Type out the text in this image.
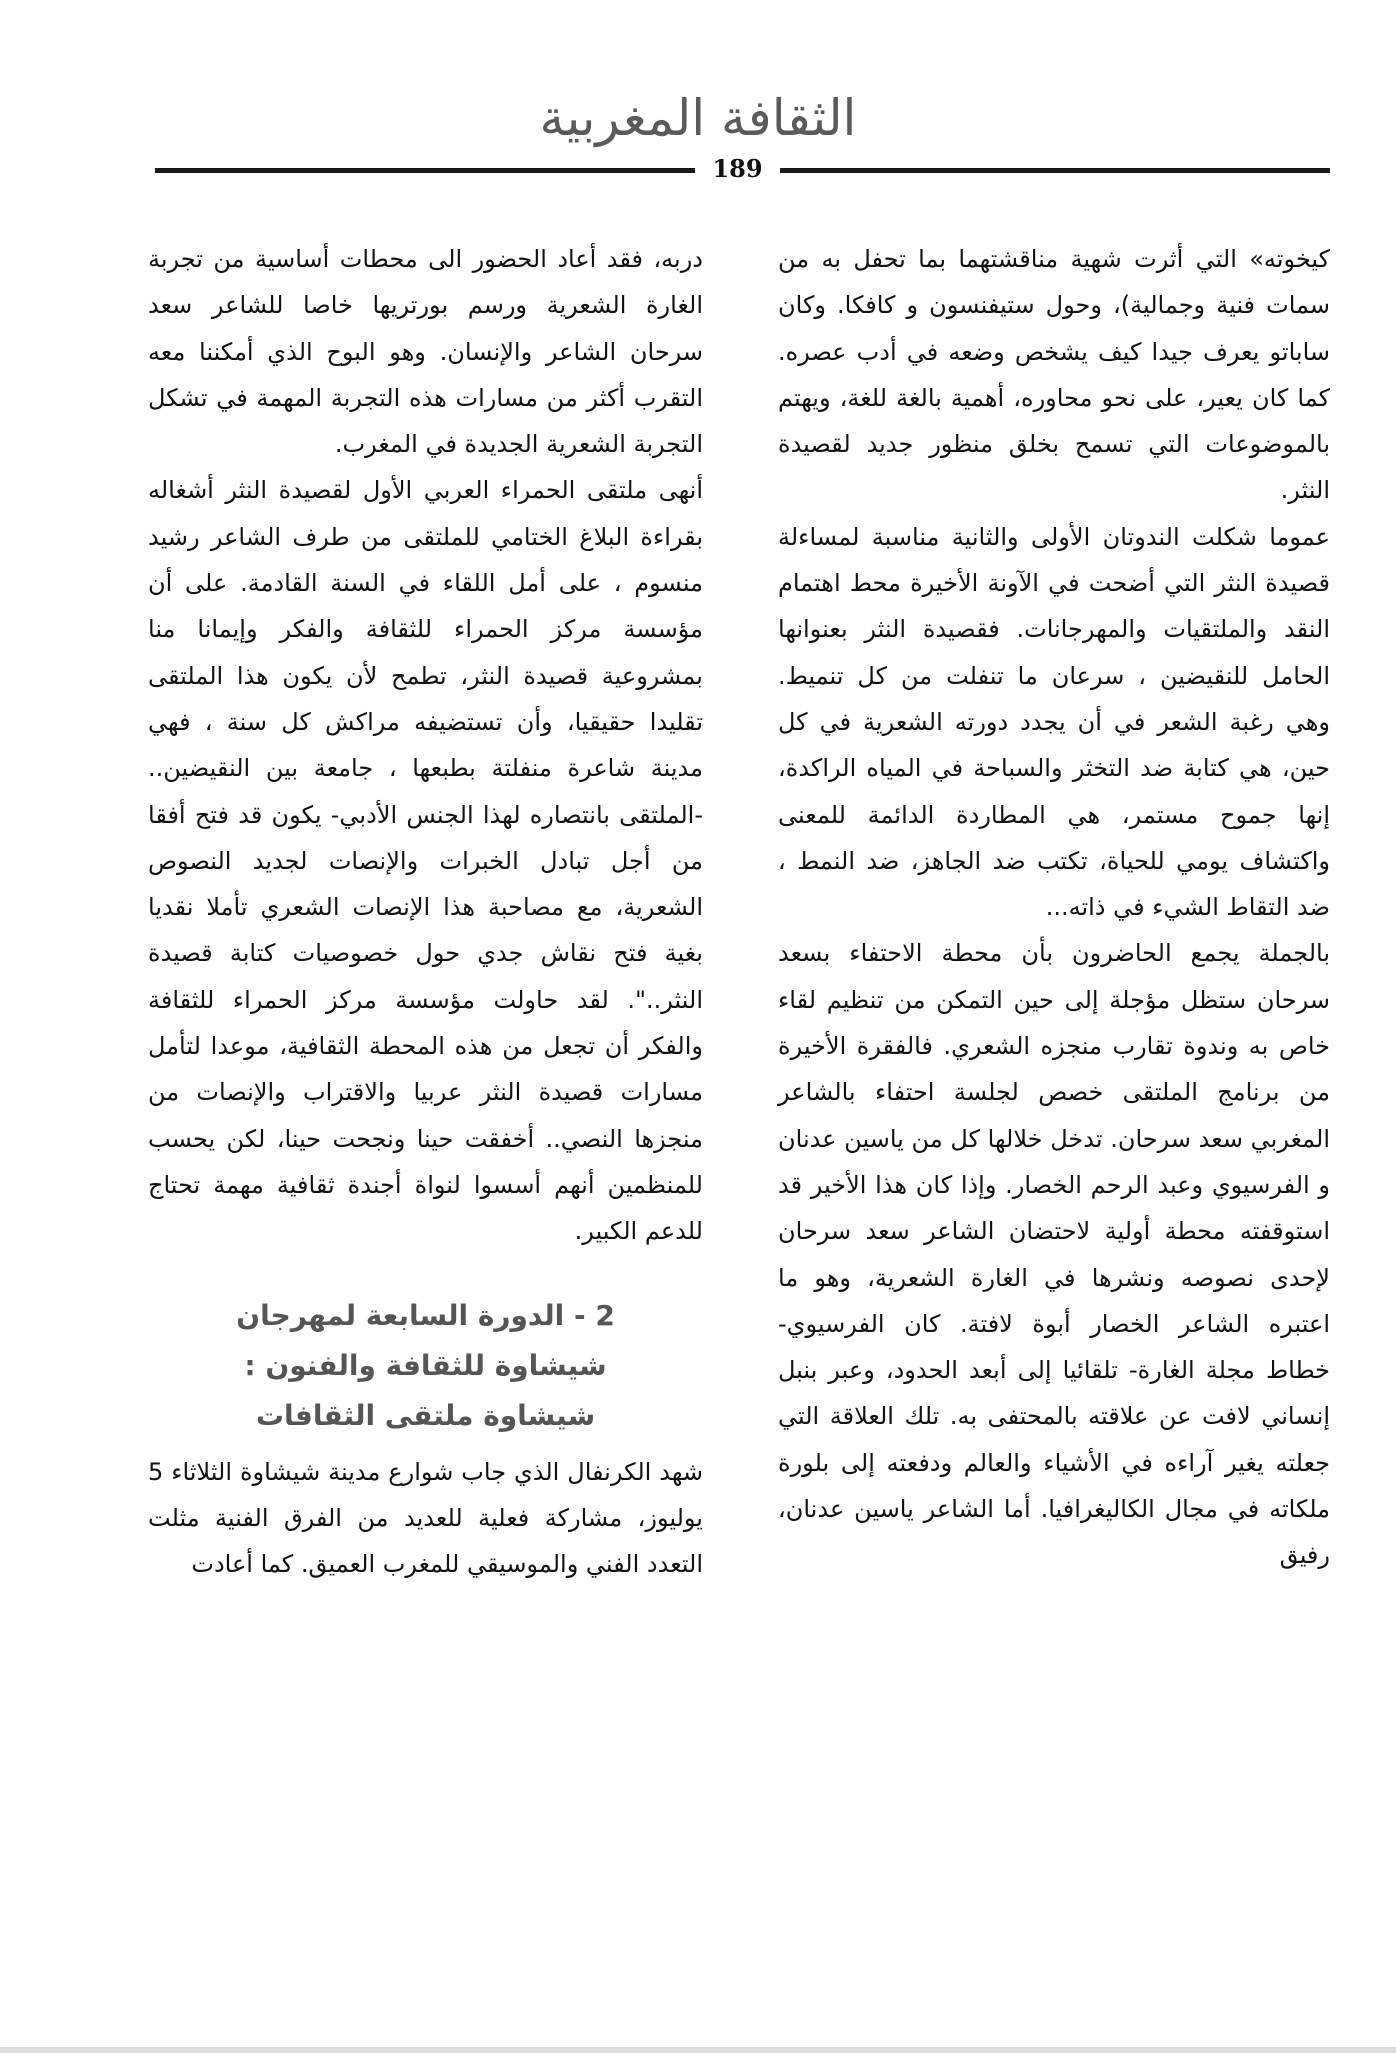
الثقافة المغربية
189

كيخوته» التي أثرت شهية مناقشتهما بما تحفل به من سمات فنية وجمالية)، وحول ستيفنسون و كافكا. وكان ساباتو يعرف جيدا كيف يشخص وضعه في أدب عصره. كما كان يعير، على نحو محاوره، أهمية بالغة للغة، ويهتم بالموضوعات التي تسمح بخلق منظور جديد لقصيدة النثر.

عموما شكلت الندوتان الأولى والثانية مناسبة لمساءلة قصيدة النثر التي أضحت في الآونة الأخيرة محط اهتمام النقد والملتقيات والمهرجانات. فقصيدة النثر بعنوانها الحامل للنقيضين ، سرعان ما تنفلت من كل تنميط. وهي رغبة الشعر في أن يجدد دورته الشعرية في كل حين، هي كتابة ضد التخثر والسباحة في المياه الراكدة، إنها جموح مستمر، هي المطاردة الدائمة للمعنى واكتشاف يومي للحياة، تكتب ضد الجاهز، ضد النمط ، ضد التقاط الشيء في ذاته...

بالجملة يجمع الحاضرون بأن محطة الاحتفاء بسعد سرحان ستظل مؤجلة إلى حين التمكن من تنظيم لقاء خاص به وندوة تقارب منجزه الشعري. فالفقرة الأخيرة من برنامج الملتقى خصص لجلسة احتفاء بالشاعر المغربي سعد سرحان. تدخل خلالها كل من ياسين عدنان و الفرسيوي وعبد الرحم الخصار. وإذا كان هذا الأخير قد استوقفته محطة أولية لاحتضان الشاعر سعد سرحان لإحدى نصوصه ونشرها في الغارة الشعرية، وهو ما اعتبره الشاعر الخصار أبوة لافتة. كان الفرسيوي- خطاط مجلة الغارة- تلقائيا إلى أبعد الحدود، وعبر بنبل إنساني لافت عن علاقته بالمحتفى به. تلك العلاقة التي جعلته يغير آراءه في الأشياء والعالم ودفعته إلى بلورة ملكاته في مجال الكاليغرافيا. أما الشاعر ياسين عدنان، رفيق

دربه، فقد أعاد الحضور الى محطات أساسية من تجربة الغارة الشعرية ورسم بورتريها خاصا للشاعر سعد سرحان الشاعر والإنسان. وهو البوح الذي أمكننا معه التقرب أكثر من مسارات هذه التجربة المهمة في تشكل التجربة الشعرية الجديدة في المغرب.

أنهى ملتقى الحمراء العربي الأول لقصيدة النثر أشغاله بقراءة البلاغ الختامي للملتقى من طرف الشاعر رشيد منسوم ، على أمل اللقاء في السنة القادمة. على أن مؤسسة مركز الحمراء للثقافة والفكر وإيمانا منا بمشروعية قصيدة النثر، تطمح لأن يكون هذا الملتقى تقليدا حقيقيا، وأن تستضيفه مراكش كل سنة ، فهي مدينة شاعرة منفلتة بطبعها ، جامعة بين النقيضين.. -الملتقى بانتصاره لهذا الجنس الأدبي- يكون قد فتح أفقا من أجل تبادل الخبرات والإنصات لجديد النصوص الشعرية، مع مصاحبة هذا الإنصات الشعري تأملا نقديا بغية فتح نقاش جدي حول خصوصيات كتابة قصيدة النثر..". لقد حاولت مؤسسة مركز الحمراء للثقافة والفكر أن تجعل من هذه المحطة الثقافية، موعدا لتأمل مسارات قصيدة النثر عربيا والاقتراب والإنصات من منجزها النصي.. أخفقت حينا ونجحت حينا، لكن يحسب للمنظمين أنهم أسسوا لنواة أجندة ثقافية مهمة تحتاج للدعم الكبير.

2 - الدورة السابعة لمهرجان
شيشاوة للثقافة والفنون :
شيشاوة ملتقى الثقافات

شهد الكرنفال الذي جاب شوارع مدينة شيشاوة الثلاثاء 5 يوليوز، مشاركة فعلية للعديد من الفرق الفنية مثلت التعدد الفني والموسيقي للمغرب العميق. كما أعادت
